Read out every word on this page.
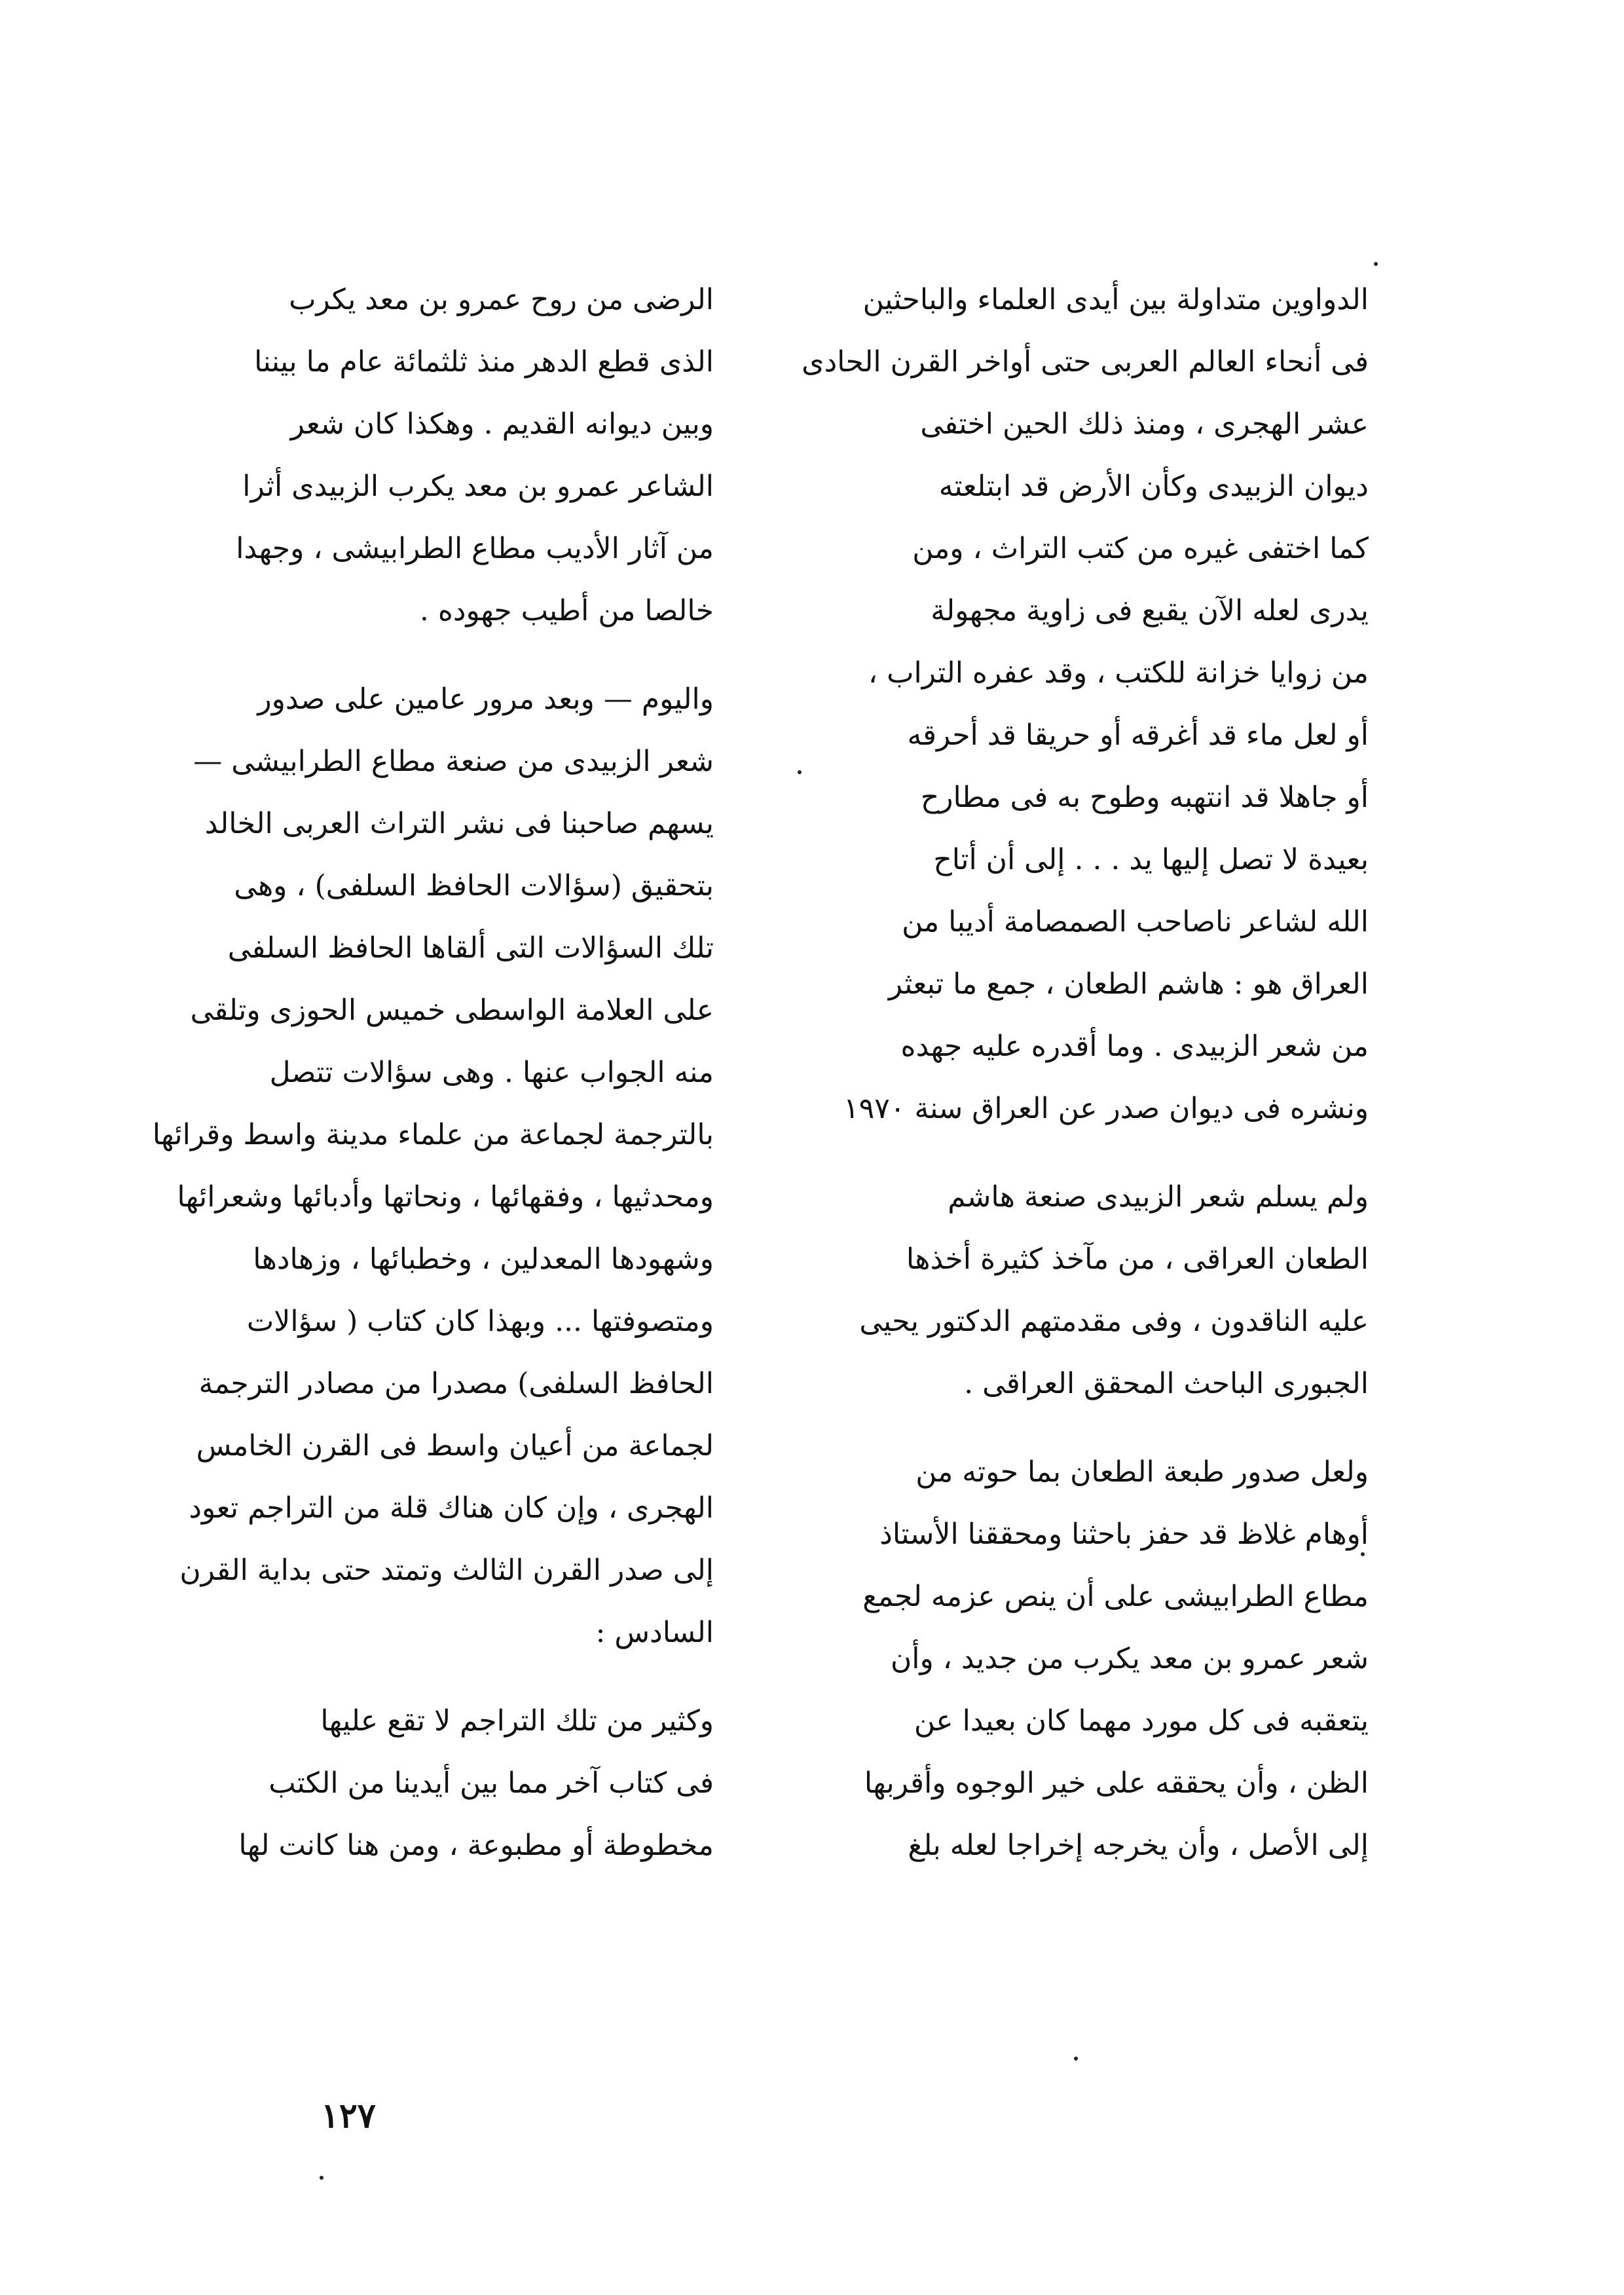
الدواوين متداولة بين أيدى العلماء والباحثين
فى أنحاء العالم العربى حتى أواخر القرن الحادى
عشر الهجرى ، ومنذ ذلك الحين اختفى
ديوان الزبيدى وكأن الأرض قد ابتلعته
كما اختفى غيره من كتب التراث ، ومن
يدرى لعله الآن يقبع فى زاوية مجهولة
من زوايا خزانة للكتب ، وقد عفره التراب ،
أو لعل ماء قد أغرقه أو حريقا قد أحرقه
أو جاهلا قد انتهبه وطوح به فى مطارح
بعيدة لا تصل إليها يد . . . إلى أن أتاح
الله لشاعر ناصاحب الصمصامة أديبا من
العراق هو : هاشم الطعان ، جمع ما تبعثر
من شعر الزبيدى . وما أقدره عليه جهده
ونشره فى ديوان صدر عن العراق سنة ١٩٧٠
ولم يسلم شعر الزبيدى صنعة هاشم
الطعان العراقى ، من مآخذ كثيرة أخذها
عليه الناقدون ، وفى مقدمتهم الدكتور يحيى
الجبورى الباحث المحقق العراقى .
ولعل صدور طبعة الطعان بما حوته من
أوهام غلاظ قد حفز باحثنا ومحققنا الأستاذ
مطاع الطرابيشى على أن ينص عزمه لجمع
شعر عمرو بن معد يكرب من جديد ، وأن
يتعقبه فى كل مورد مهما كان بعيدا عن
الظن ، وأن يحققه على خير الوجوه وأقربها
إلى الأصل ، وأن يخرجه إخراجا لعله بلغ
الرضى من روح عمرو بن معد يكرب
الذى قطع الدهر منذ ثلثمائة عام ما بيننا
وبين ديوانه القديم . وهكذا كان شعر
الشاعر عمرو بن معد يكرب الزبيدى أثرا
من آثار الأديب مطاع الطرابيشى ، وجهدا
خالصا من أطيب جهوده .
واليوم — وبعد مرور عامين على صدور
شعر الزبيدى من صنعة مطاع الطرابيشى —
يسهم صاحبنا فى نشر التراث العربى الخالد
بتحقيق (سؤالات الحافظ السلفى) ، وهى
تلك السؤالات التى ألقاها الحافظ السلفى
على العلامة الواسطى خميس الحوزى وتلقى
منه الجواب عنها . وهى سؤالات تتصل
بالترجمة لجماعة من علماء مدينة واسط وقرائها
ومحدثيها ، وفقهائها ، ونحاتها وأدبائها وشعرائها
وشهودها المعدلين ، وخطبائها ، وزهادها
ومتصوفتها ... وبهذا كان كتاب ( سؤالات
الحافظ السلفى) مصدرا من مصادر الترجمة
لجماعة من أعيان واسط فى القرن الخامس
الهجرى ، وإن كان هناك قلة من التراجم تعود
إلى صدر القرن الثالث وتمتد حتى بداية القرن
السادس :
وكثير من تلك التراجم لا تقع عليها
فى كتاب آخر مما بين أيدينا من الكتب
مخطوطة أو مطبوعة ، ومن هنا كانت لها
١٢٧
